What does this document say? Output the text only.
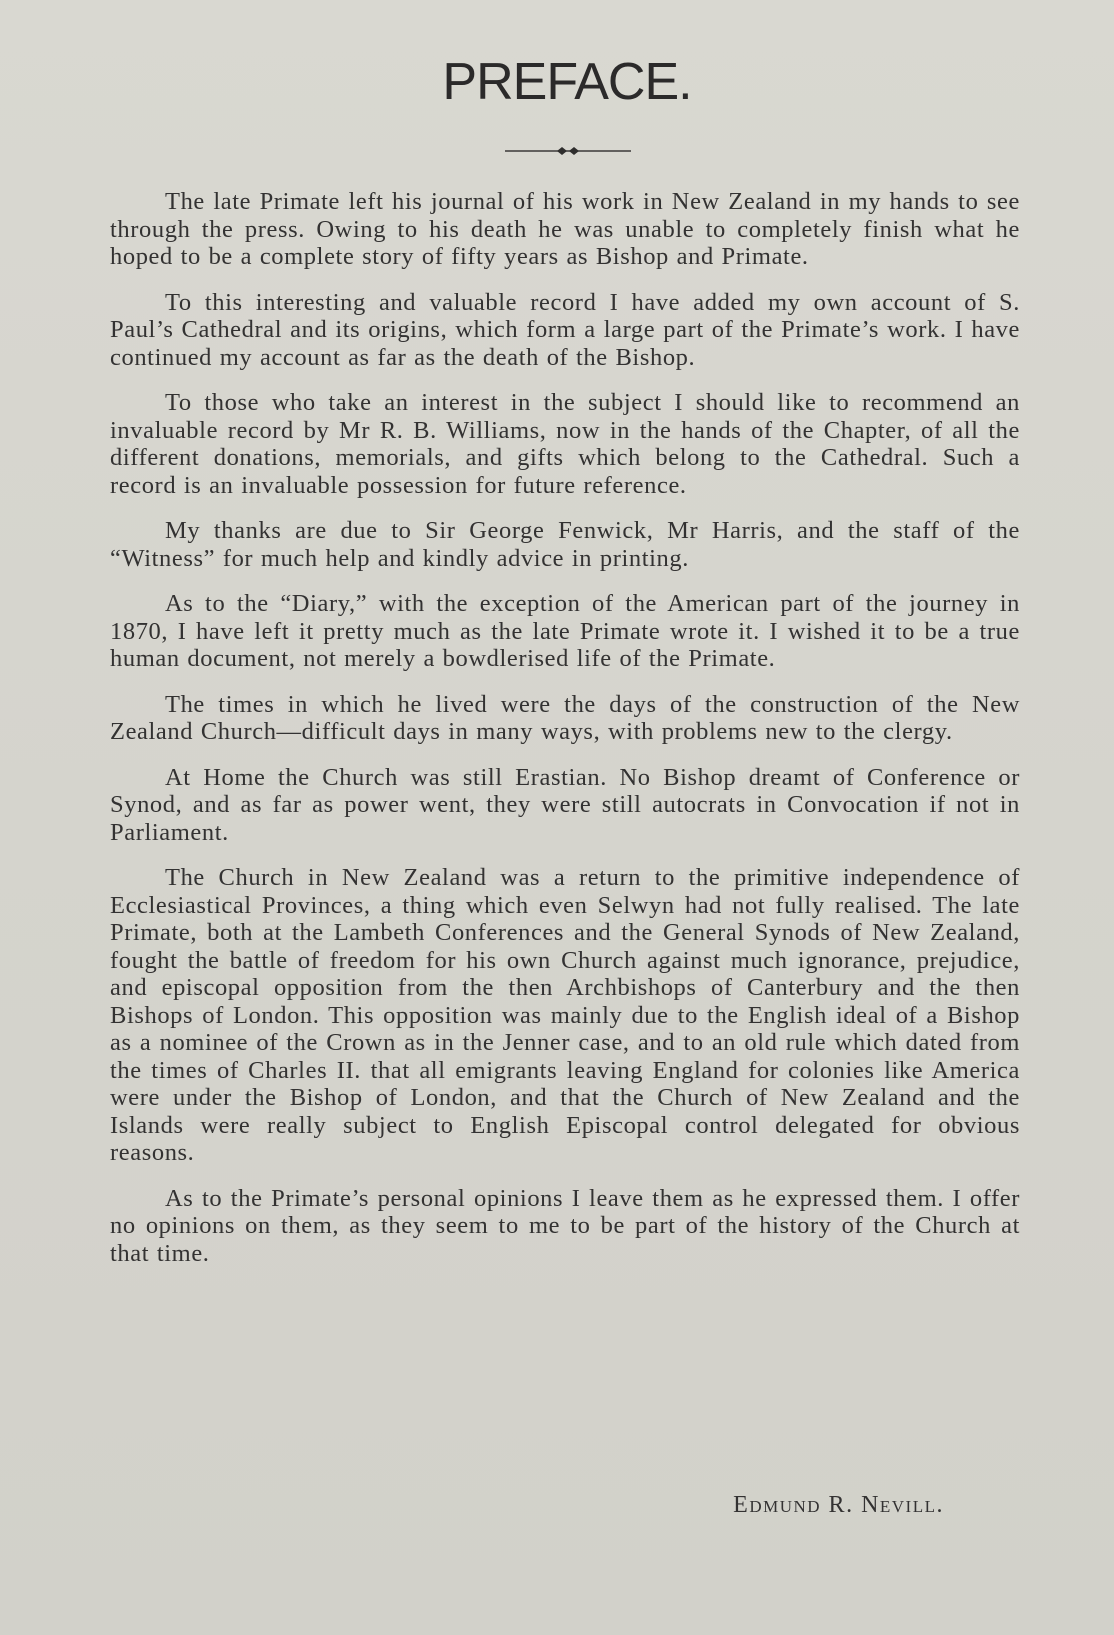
PREFACE.

The late Primate left his journal of his work in New Zealand in my hands to see through the press. Owing to his death he was unable to completely finish what he hoped to be a complete story of fifty years as Bishop and Primate.

To this interesting and valuable record I have added my own account of S. Paul’s Cathedral and its origins, which form a large part of the Primate’s work. I have continued my account as far as the death of the Bishop.

To those who take an interest in the subject I should like to recommend an invaluable record by Mr R. B. Williams, now in the hands of the Chapter, of all the different donations, memorials, and gifts which belong to the Cathedral. Such a record is an invaluable possession for future reference.

My thanks are due to Sir George Fenwick, Mr Harris, and the staff of the “Witness” for much help and kindly advice in printing.

As to the “Diary,” with the exception of the American part of the journey in 1870, I have left it pretty much as the late Primate wrote it. I wished it to be a true human document, not merely a bowdlerised life of the Primate.

The times in which he lived were the days of the construction of the New Zealand Church—difficult days in many ways, with problems new to the clergy.

At Home the Church was still Erastian. No Bishop dreamt of Conference or Synod, and as far as power went, they were still autocrats in Convocation if not in Parliament.

The Church in New Zealand was a return to the primitive independence of Ecclesiastical Provinces, a thing which even Selwyn had not fully realised. The late Primate, both at the Lambeth Conferences and the General Synods of New Zealand, fought the battle of freedom for his own Church against much ignorance, prejudice, and episcopal opposition from the then Archbishops of Canterbury and the then Bishops of London. This opposition was mainly due to the English ideal of a Bishop as a nominee of the Crown as in the Jenner case, and to an old rule which dated from the times of Charles II. that all emigrants leaving England for colonies like America were under the Bishop of London, and that the Church of New Zealand and the Islands were really subject to English Episcopal control delegated for obvious reasons.

As to the Primate’s personal opinions I leave them as he expressed them. I offer no opinions on them, as they seem to me to be part of the history of the Church at that time.

Edmund R. Nevill.
